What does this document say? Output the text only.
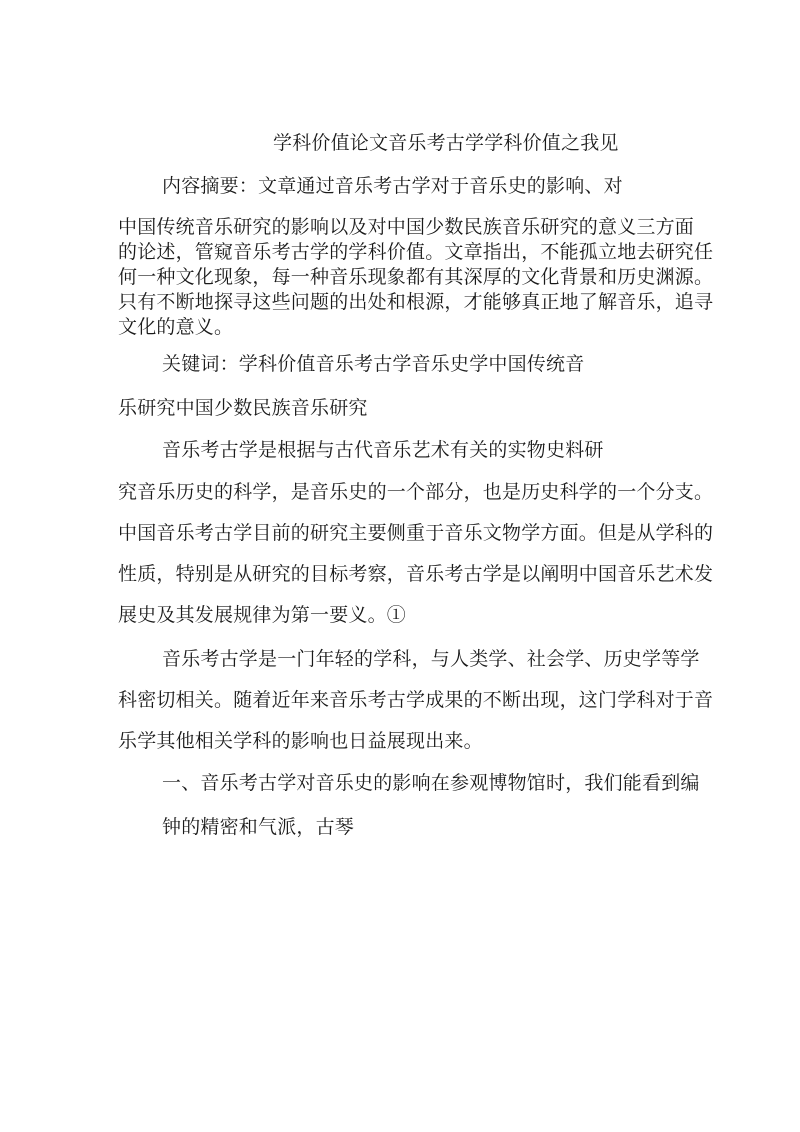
学科价值论文音乐考古学学科价值之我见
内容摘要：文章通过音乐考古学对于音乐史的影响、对
中国传统音乐研究的影响以及对中国少数民族音乐研究的意义三方面
的论述，管窥音乐考古学的学科价值。文章指出，不能孤立地去研究任
何一种文化现象，每一种音乐现象都有其深厚的文化背景和历史渊源。
只有不断地探寻这些问题的出处和根源，才能够真正地了解音乐，追寻
文化的意义。
关键词：学科价值音乐考古学音乐史学中国传统音
乐研究中国少数民族音乐研究
音乐考古学是根据与古代音乐艺术有关的实物史料研
究音乐历史的科学，是音乐史的一个部分，也是历史科学的一个分支。
中国音乐考古学目前的研究主要侧重于音乐文物学方面。但是从学科的
性质，特别是从研究的目标考察，音乐考古学是以阐明中国音乐艺术发
展史及其发展规律为第一要义。①
音乐考古学是一门年轻的学科，与人类学、社会学、历史学等学
科密切相关。随着近年来音乐考古学成果的不断出现，这门学科对于音
乐学其他相关学科的影响也日益展现出来。
一、音乐考古学对音乐史的影响在参观博物馆时，我们能看到编
钟的精密和气派，古琴
